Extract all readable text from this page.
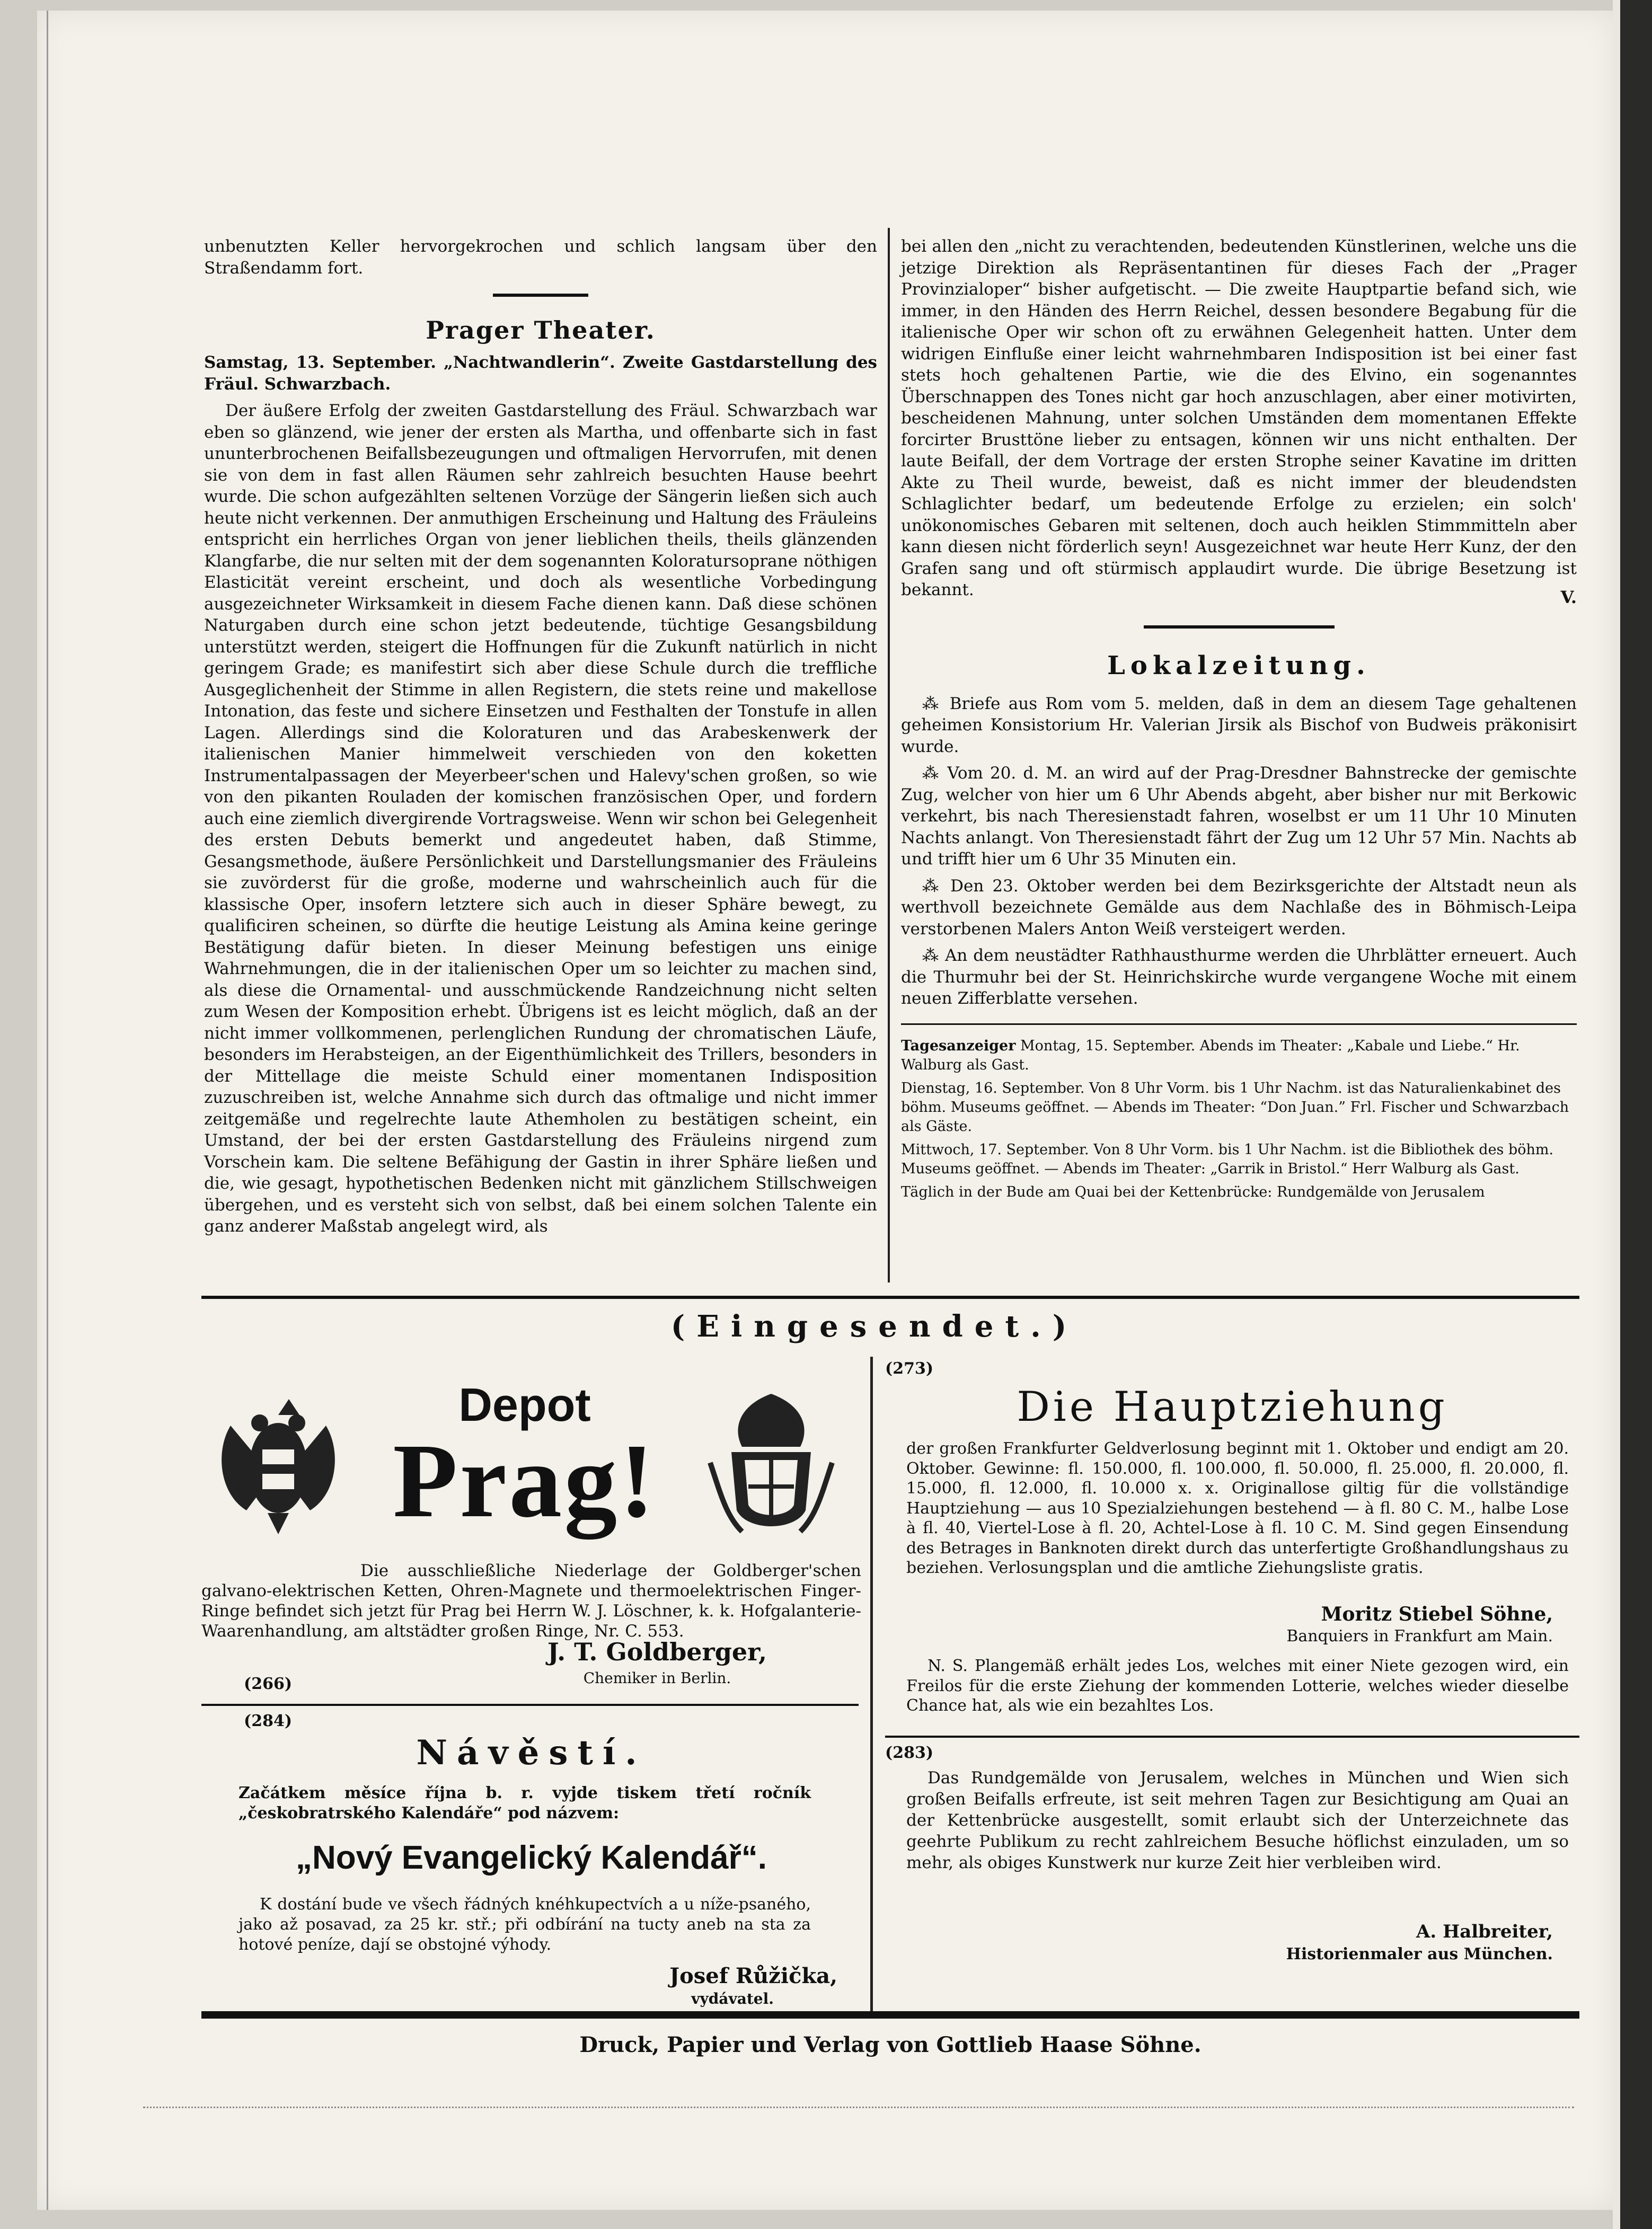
unbenutzten Keller hervorgekrochen und schlich langsam über den Straßendamm fort.

Prager Theater.

Samstag, 13. September. „Nachtwandlerin“. Zweite Gastdarstellung des Fräul. Schwarzbach.

Der äußere Erfolg der zweiten Gastdarstellung des Fräul. Schwarzbach war eben so glänzend, wie jener der ersten als Martha, und offenbarte sich in fast ununterbrochenen Beifallsbezeugungen und oftmaligen Hervorrufen, mit denen sie von dem in fast allen Räumen sehr zahlreich besuchten Hause beehrt wurde. Die schon aufgezählten seltenen Vorzüge der Sängerin ließen sich auch heute nicht verkennen. Der anmuthigen Erscheinung und Haltung des Fräuleins entspricht ein herrliches Organ von jener lieblichen theils, theils glänzenden Klangfarbe, die nur selten mit der dem sogenannten Koloratursoprane nöthigen Elasticität vereint erscheint, und doch als wesentliche Vorbedingung ausgezeichneter Wirksamkeit in diesem Fache dienen kann. Daß diese schönen Naturgaben durch eine schon jetzt bedeutende, tüchtige Gesangsbildung unterstützt werden, steigert die Hoffnungen für die Zukunft natürlich in nicht geringem Grade; es manifestirt sich aber diese Schule durch die treffliche Ausgeglichenheit der Stimme in allen Registern, die stets reine und makellose Intonation, das feste und sichere Einsetzen und Festhalten der Tonstufe in allen Lagen. Allerdings sind die Koloraturen und das Arabeskenwerk der italienischen Manier himmelweit verschieden von den koketten Instrumentalpassagen der Meyerbeer'schen und Halevy'schen großen, so wie von den pikanten Rouladen der komischen französischen Oper, und fordern auch eine ziemlich divergirende Vortragsweise. Wenn wir schon bei Gelegenheit des ersten Debuts bemerkt und angedeutet haben, daß Stimme, Gesangsmethode, äußere Persönlichkeit und Darstellungsmanier des Fräuleins sie zuvörderst für die große, moderne und wahrscheinlich auch für die klassische Oper, insofern letztere sich auch in dieser Sphäre bewegt, zu qualificiren scheinen, so dürfte die heutige Leistung als Amina keine geringe Bestätigung dafür bieten. In dieser Meinung befestigen uns einige Wahrnehmungen, die in der italienischen Oper um so leichter zu machen sind, als diese die Ornamental- und ausschmückende Randzeichnung nicht selten zum Wesen der Komposition erhebt. Übrigens ist es leicht möglich, daß an der nicht immer vollkommenen, perlenglichen Rundung der chromatischen Läufe, besonders im Herabsteigen, an der Eigenthümlichkeit des Trillers, besonders in der Mittellage die meiste Schuld einer momentanen Indisposition zuzuschreiben ist, welche Annahme sich durch das oftmalige und nicht immer zeitgemäße und regelrechte laute Athemholen zu bestätigen scheint, ein Umstand, der bei der ersten Gastdarstellung des Fräuleins nirgend zum Vorschein kam. Die seltene Befähigung der Gastin in ihrer Sphäre ließen und die, wie gesagt, hypothetischen Bedenken nicht mit gänzlichem Stillschweigen übergehen, und es versteht sich von selbst, daß bei einem solchen Talente ein ganz anderer Maßstab angelegt wird, als

bei allen den „nicht zu verachtenden, bedeutenden Künstlerinen, welche uns die jetzige Direktion als Repräsentantinen für dieses Fach der „Prager Provinzialoper“ bisher aufgetischt. — Die zweite Hauptpartie befand sich, wie immer, in den Händen des Herrn Reichel, dessen besondere Begabung für die italienische Oper wir schon oft zu erwähnen Gelegenheit hatten. Unter dem widrigen Einfluße einer leicht wahrnehmbaren Indisposition ist bei einer fast stets hoch gehaltenen Partie, wie die des Elvino, ein sogenanntes Überschnappen des Tones nicht gar hoch anzuschlagen, aber einer motivirten, bescheidenen Mahnung, unter solchen Umständen dem momentanen Effekte forcirter Brusttöne lieber zu entsagen, können wir uns nicht enthalten. Der laute Beifall, der dem Vortrage der ersten Strophe seiner Kavatine im dritten Akte zu Theil wurde, beweist, daß es nicht immer der bleudendsten Schlaglichter bedarf, um bedeutende Erfolge zu erzielen; ein solch' unökonomisches Gebaren mit seltenen, doch auch heiklen Stimmmitteln aber kann diesen nicht förderlich seyn! Ausgezeichnet war heute Herr Kunz, der den Grafen sang und oft stürmisch applaudirt wurde. Die übrige Besetzung ist bekannt.	V.
Lokalzeitung.

⁂ Briefe aus Rom vom 5. melden, daß in dem an diesem Tage gehaltenen geheimen Konsistorium Hr. Valerian Jirsik als Bischof von Budweis präkonisirt wurde.

⁂ Vom 20. d. M. an wird auf der Prag-Dresdner Bahnstrecke der gemischte Zug, welcher von hier um 6 Uhr Abends abgeht, aber bisher nur mit Berkowic verkehrt, bis nach Theresienstadt fahren, woselbst er um 11 Uhr 10 Minuten Nachts anlangt. Von Theresienstadt fährt der Zug um 12 Uhr 57 Min. Nachts ab und trifft hier um 6 Uhr 35 Minuten ein.

⁂ Den 23. Oktober werden bei dem Bezirksgerichte der Altstadt neun als werthvoll bezeichnete Gemälde aus dem Nachlaße des in Böhmisch-Leipa verstorbenen Malers Anton Weiß versteigert werden.

⁂ An dem neustädter Rathhausthurme werden die Uhrblätter erneuert. Auch die Thurmuhr bei der St. Heinrichskirche wurde vergangene Woche mit einem neuen Zifferblatte versehen.

Tagesanzeiger Montag, 15. September. Abends im Theater: „Kabale und Liebe.“ Hr. Walburg als Gast.
Dienstag, 16. September. Von 8 Uhr Vorm. bis 1 Uhr Nachm. ist das Naturalienkabinet des böhm. Museums geöffnet. — Abends im Theater: “Don Juan.” Frl. Fischer und Schwarzbach als Gäste.
Mittwoch, 17. September. Von 8 Uhr Vorm. bis 1 Uhr Nachm. ist die Bibliothek des böhm. Museums geöffnet. — Abends im Theater: „Garrik in Bristol.“ Herr Walburg als Gast.
Täglich in der Bude am Quai bei der Kettenbrücke: Rundgemälde von Jerusalem
(Eingesendet.)
Depot
Prag!
Die ausschließliche Niederlage der Goldberger'schen galvano-elektrischen Ketten, Ohren-Magnete und thermoelektrischen Finger-Ringe befindet sich jetzt für Prag bei Herrn W. J. Löschner, k. k. Hofgalanterie-Waarenhandlung, am altstädter großen Ringe, Nr. C. 553.
J. T. Goldberger,
Chemiker in Berlin.
(266)
(284)
Návěstí.
Začátkem měsíce října b. r. vyjde tiskem třetí ročník „českobratrského Kalendáře“ pod názvem:
„Nový Evangelický Kalendář“.
K dostání bude ve všech řádných knéhkupectvích a u níže-psaného, jako až posavad, za 25 kr. stř.; při odbírání na tucty aneb na sta za hotové peníze, dají se obstojné výhody.
Josef Růžička,
vydávatel.
(273)
Die Hauptziehung
der großen Frankfurter Geldverlosung beginnt mit 1. Oktober und endigt am 20. Oktober. Gewinne: fl. 150.000, fl. 100.000, fl. 50.000, fl. 25.000, fl. 20.000, fl. 15.000, fl. 12.000, fl. 10.000 x. x. Originallose giltig für die vollständige Hauptziehung — aus 10 Spezialziehungen bestehend — à fl. 80 C. M., halbe Lose à fl. 40, Viertel-Lose à fl. 20, Achtel-Lose à fl. 10 C. M. Sind gegen Einsendung des Betrages in Banknoten direkt durch das unterfertigte Großhandlungshaus zu beziehen. Verlosungsplan und die amtliche Ziehungsliste gratis.
Moritz Stiebel Söhne,
Banquiers in Frankfurt am Main.
N. S. Plangemäß erhält jedes Los, welches mit einer Niete gezogen wird, ein Freilos für die erste Ziehung der kommenden Lotterie, welches wieder dieselbe Chance hat, als wie ein bezahltes Los.
(283)
Das Rundgemälde von Jerusalem, welches in München und Wien sich großen Beifalls erfreute, ist seit mehren Tagen zur Besichtigung am Quai an der Kettenbrücke ausgestellt, somit erlaubt sich der Unterzeichnete das geehrte Publikum zu recht zahlreichem Besuche höflichst einzuladen, um so mehr, als obiges Kunstwerk nur kurze Zeit hier verbleiben wird.
A. Halbreiter,
Historienmaler aus München.
Druck, Papier und Verlag von Gottlieb Haase Söhne.
